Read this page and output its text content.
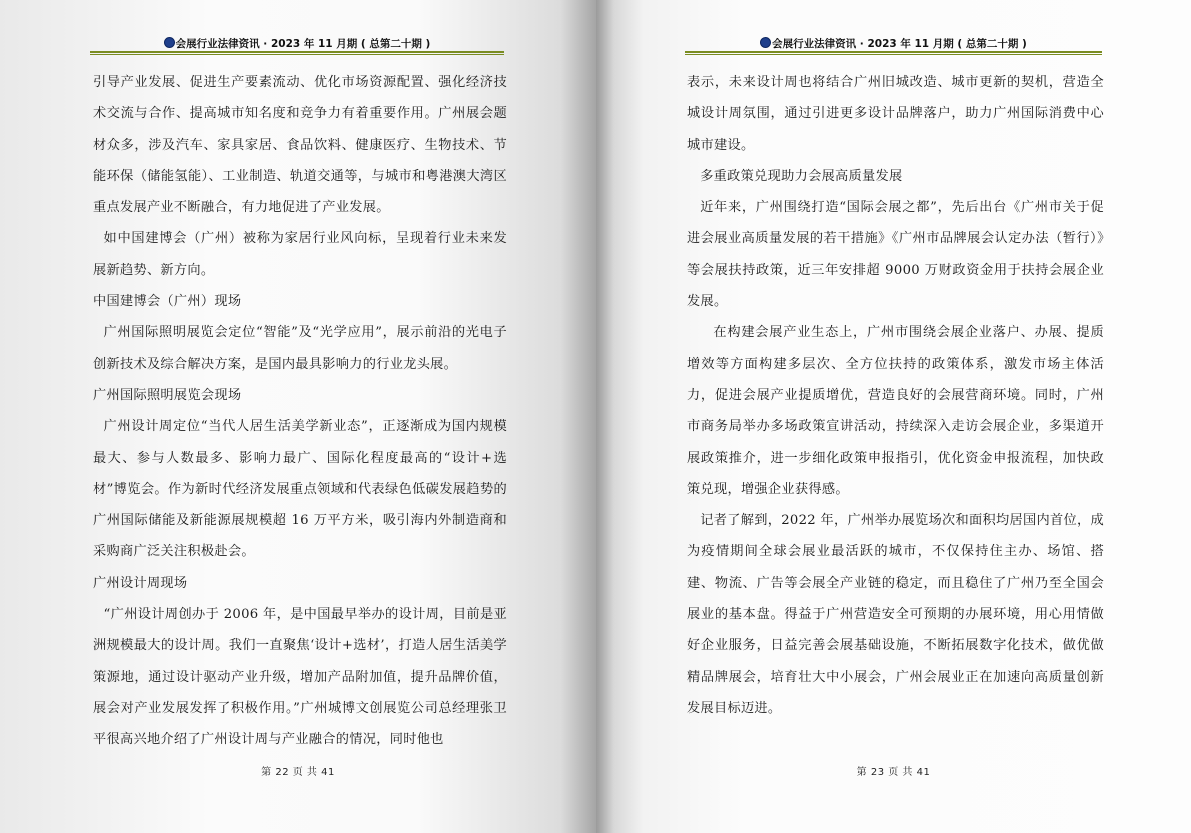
会展行业法律资讯 · 2023 年 11 月期 ( 总第二十期 )

引导产业发展、促进生产要素流动、优化市场资源配置、强化经济技术交流与合作、提高城市知名度和竞争力有着重要作用。广州展会题材众多，涉及汽车、家具家居、食品饮料、健康医疗、生物技术、节能环保（储能氢能）、工业制造、轨道交通等，与城市和粤港澳大湾区重点发展产业不断融合，有力地促进了产业发展。

如中国建博会（广州）被称为家居行业风向标，呈现着行业未来发展新趋势、新方向。

中国建博会（广州）现场

广州国际照明展览会定位“智能”及“光学应用”，展示前沿的光电子创新技术及综合解决方案，是国内最具影响力的行业龙头展。

广州国际照明展览会现场

广州设计周定位“当代人居生活美学新业态”，正逐渐成为国内规模最大、参与人数最多、影响力最广、国际化程度最高的“设计+选材”博览会。作为新时代经济发展重点领域和代表绿色低碳发展趋势的广州国际储能及新能源展规模超 16 万平方米，吸引海内外制造商和采购商广泛关注积极赴会。

广州设计周现场

“广州设计周创办于 2006 年，是中国最早举办的设计周，目前是亚洲规模最大的设计周。我们一直聚焦‘设计+选材’，打造人居生活美学策源地，通过设计驱动产业升级，增加产品附加值，提升品牌价值，展会对产业发展发挥了积极作用。”广州城博文创展览公司总经理张卫平很高兴地介绍了广州设计周与产业融合的情况，同时他也

第 22 页 共 41
会展行业法律资讯 · 2023 年 11 月期 ( 总第二十期 )

表示，未来设计周也将结合广州旧城改造、城市更新的契机，营造全城设计周氛围，通过引进更多设计品牌落户，助力广州国际消费中心城市建设。

多重政策兑现助力会展高质量发展

近年来，广州围绕打造“国际会展之都”，先后出台《广州市关于促进会展业高质量发展的若干措施》《广州市品牌展会认定办法（暂行）》等会展扶持政策，近三年安排超 9000 万财政资金用于扶持会展企业发展。

在构建会展产业生态上，广州市围绕会展企业落户、办展、提质增效等方面构建多层次、全方位扶持的政策体系，激发市场主体活力，促进会展产业提质增优，营造良好的会展营商环境。同时，广州市商务局举办多场政策宣讲活动，持续深入走访会展企业，多渠道开展政策推介，进一步细化政策申报指引，优化资金申报流程，加快政策兑现，增强企业获得感。

记者了解到，2022 年，广州举办展览场次和面积均居国内首位，成为疫情期间全球会展业最活跃的城市，不仅保持住主办、场馆、搭建、物流、广告等会展全产业链的稳定，而且稳住了广州乃至全国会展业的基本盘。得益于广州营造安全可预期的办展环境，用心用情做好企业服务，日益完善会展基础设施，不断拓展数字化技术，做优做精品牌展会，培育壮大中小展会，广州会展业正在加速向高质量创新发展目标迈进。

第 23 页 共 41
